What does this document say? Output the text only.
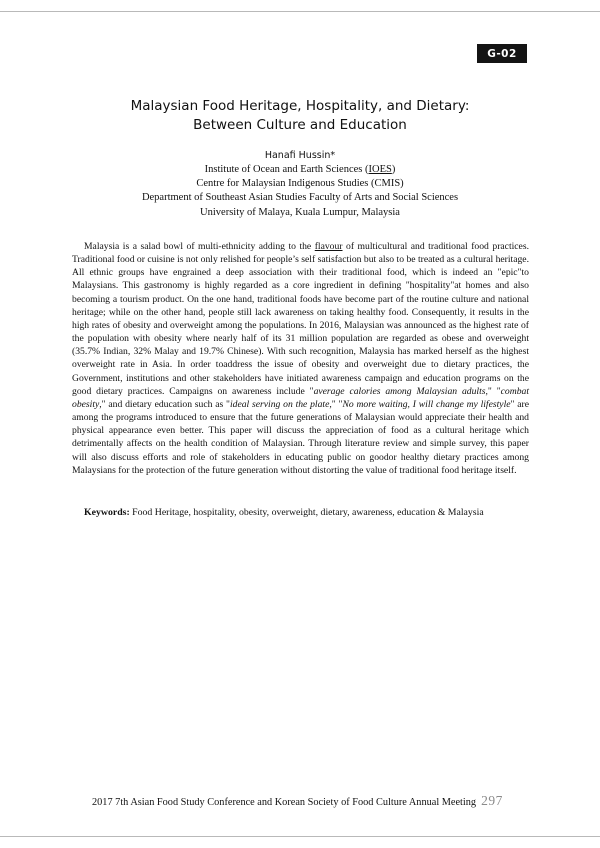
G-02
Malaysian Food Heritage, Hospitality, and Dietary:
Between Culture and Education
Hanafi Hussin*
Institute of Ocean and Earth Sciences (IOES)
Centre for Malaysian Indigenous Studies (CMIS)
Department of Southeast Asian Studies Faculty of Arts and Social Sciences
University of Malaya, Kuala Lumpur, Malaysia

Malaysia is a salad bowl of multi-ethnicity adding to the flavour of multicultural and traditional food practices. Traditional food or cuisine is not only relished for people’s self satisfaction but also to be treated as a cultural heritage. All ethnic groups have engrained a deep association with their traditional food, which is indeed an "epic"to Malaysians. This gastronomy is highly regarded as a core ingredient in defining "hospitality"at homes and also becoming a tourism product. On the one hand, traditional foods have become part of the routine culture and national heritage; while on the other hand, people still lack awareness on taking healthy food. Consequently, it results in the high rates of obesity and overweight among the populations. In 2016, Malaysian was announced as the highest rate of the population with obesity where nearly half of its 31 million population are regarded as obese and overweight (35.7% Indian, 32% Malay and 19.7% Chinese). With such recognition, Malaysia has marked herself as the highest overweight rate in Asia. In order toaddress the issue of obesity and overweight due to dietary practices, the Government, institutions and other stakeholders have initiated awareness campaign and education programs on the good dietary practices. Campaigns on awareness include "average calories among Malaysian adults," "combat obesity," and dietary education such as "ideal serving on the plate," "No more waiting, I will change my lifestyle" are among the programs introduced to ensure that the future generations of Malaysian would appreciate their health and physical appearance even better. This paper will discuss the appreciation of food as a cultural heritage which detrimentally affects on the health condition of Malaysian. Through literature review and simple survey, this paper will also discuss efforts and role of stakeholders in educating public on goodor healthy dietary practices among Malaysians for the protection of the future generation without distorting the value of traditional food heritage itself.

Keywords: Food Heritage, hospitality, obesity, overweight, dietary, awareness, education & Malaysia
2017 7th Asian Food Study Conference and Korean Society of Food Culture Annual Meeting 297
